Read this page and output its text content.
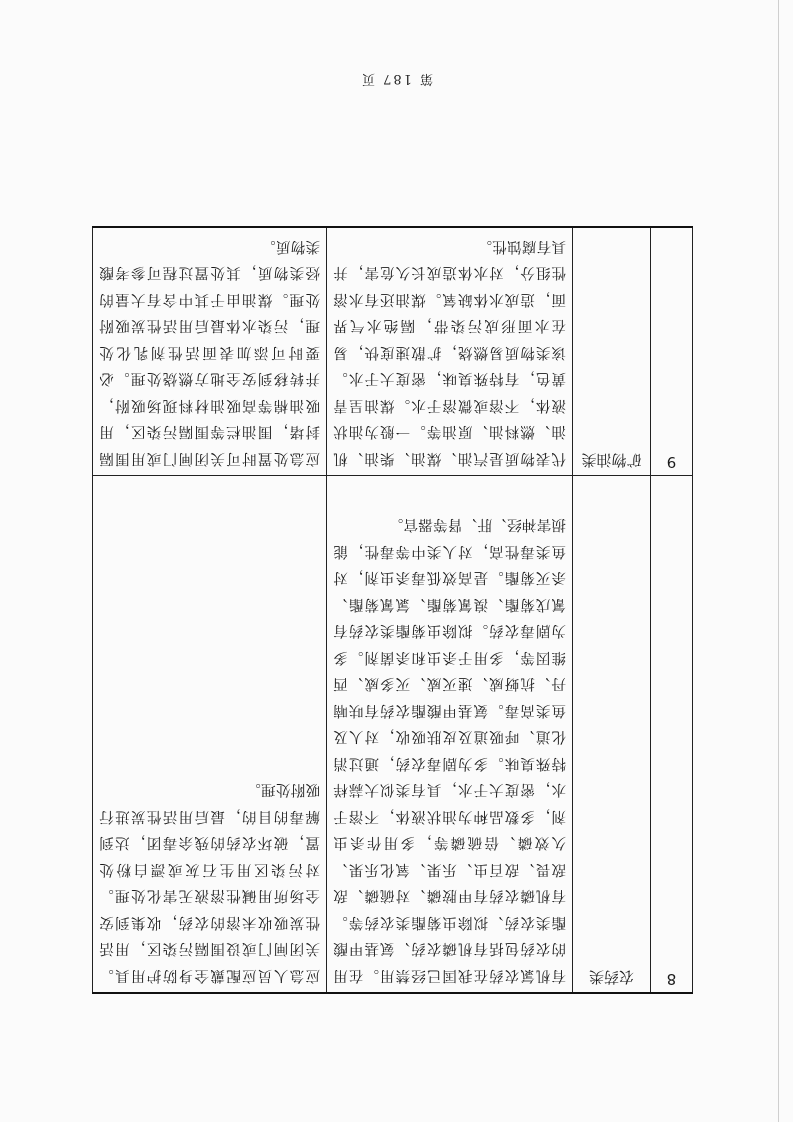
8	农药类	有机氯农药在我国已经禁用。在用的农药包括有机磷农药、氨基甲酸酯类农药、拟除虫菊酯类农药等。有机磷农药有甲胺磷、对硫磷、敌敌畏、敌百虫、乐果、氧化乐果、久效磷、倍硫磷等，多用作杀虫剂，多数品种为油状液体，不溶于水，密度大于水，具有类似大蒜样特殊臭味。多为剧毒农药，通过消化道、呼吸道及皮肤吸收，对人及鱼类高毒。氨基甲酸酯农药有呋喃丹、抗蚜威、速灭威、灭多威、西维因等，多用于杀虫和杀菌剂。多为剧毒农药。拟除虫菊酯类农药有氰戊菊酯、溴氰菊酯、氯氰菊酯、杀灭菊酯。是高效低毒杀虫剂，对鱼类毒性高，对人类中等毒性，能损害神经、肝、肾等器官。	应急人员应配戴全身防护用具。关闭闸门或设围隔污染区，用活性炭吸收未溶的农药，收集到安全场所用碱性溶液无害化处理。对污染区用生石灰或漂白粉处置，破坏农药的残余毒团，达到解毒的目的，最后用活性炭进行吸附处理。
9	矿物油类	代表物质是汽油、煤油、柴油、机油、燃料油、原油等。一般为油状液体，不溶或微溶于水。煤油呈青黄色，有特殊臭味，密度大于水。该类物质易燃烧，扩散速度快，易在水面形成污染带，隔绝水气界面，造成水体缺氧。煤油还有水溶性组分，对水体造成长久危害，并具有腐蚀性。	应急处置时可关闭闸门或用围隔封堵，围油栏等围隔污染区，用吸油棉等高吸油材料现场吸附，并转移到安全地方燃烧处理。必要时可添加表面活性剂乳化处理，污染水体最后用活性炭吸附处理。煤油由于其中含有大量的烃类物质，其处置过程可参考酸类物质。
第 187 页
